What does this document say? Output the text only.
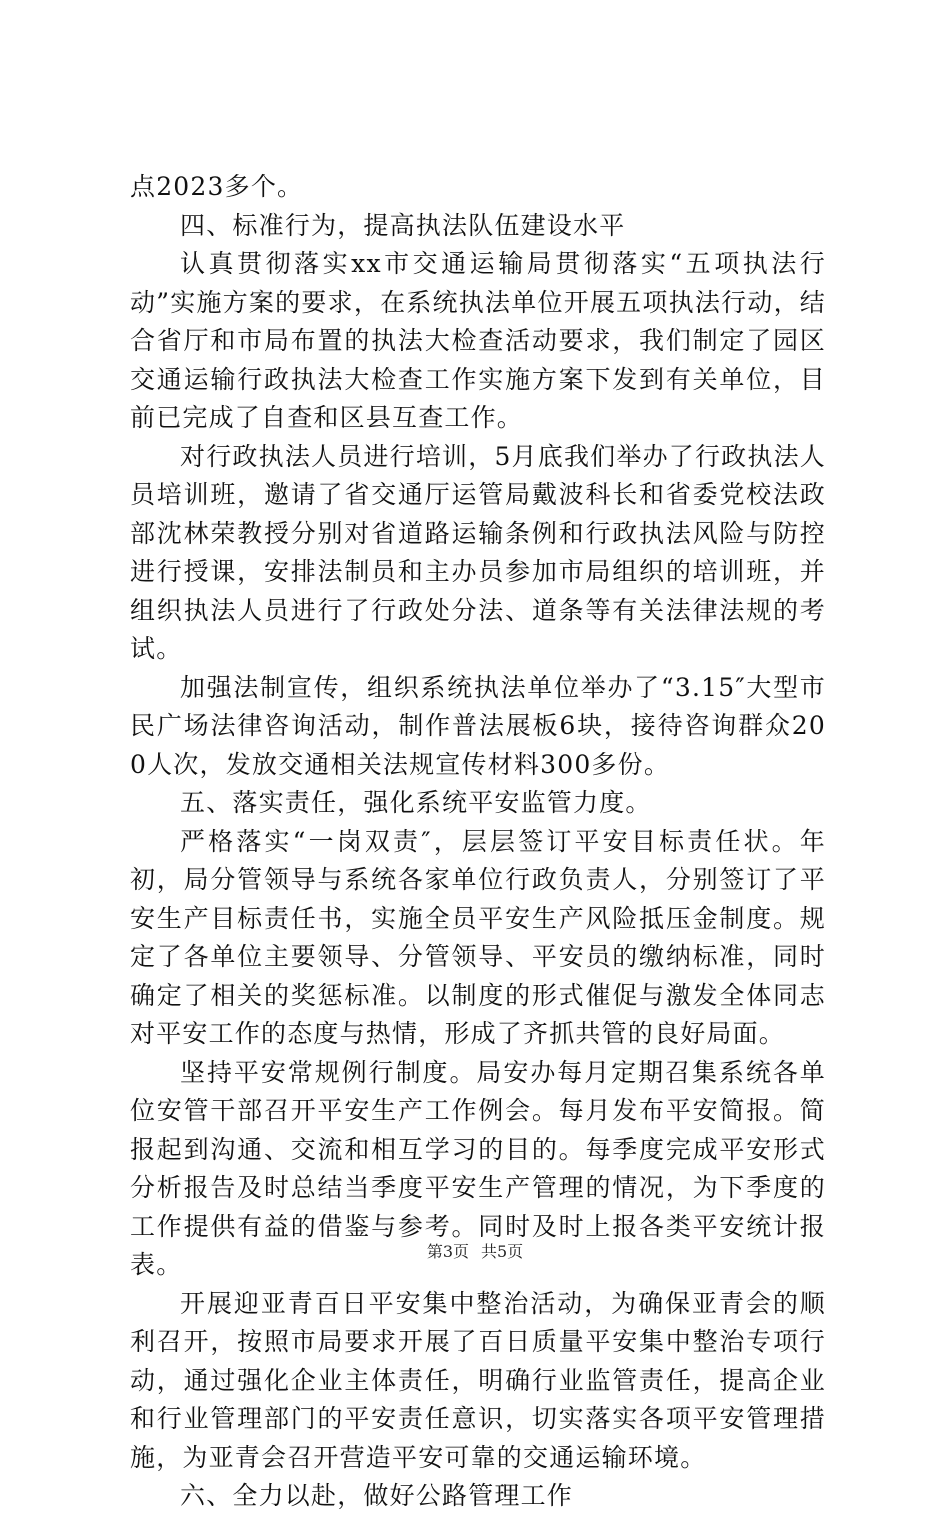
点2023多个。

四、标准行为，提高执法队伍建设水平

认真贯彻落实xx市交通运输局贯彻落实“五项执法行动”实施方案的要求，在系统执法单位开展五项执法行动，结合省厅和市局布置的执法大检查活动要求，我们制定了园区交通运输行政执法大检查工作实施方案下发到有关单位，目前已完成了自查和区县互查工作。

对行政执法人员进行培训，5月底我们举办了行政执法人员培训班，邀请了省交通厅运管局戴波科长和省委党校法政部沈林荣教授分别对省道路运输条例和行政执法风险与防控进行授课，安排法制员和主办员参加市局组织的培训班，并组织执法人员进行了行政处分法、道条等有关法律法规的考试。

加强法制宣传，组织系统执法单位举办了“3.15″大型市民广场法律咨询活动，制作普法展板6块，接待咨询群众200人次，发放交通相关法规宣传材料300多份。

五、落实责任，强化系统平安监管力度。

严格落实“一岗双责″，层层签订平安目标责任状。年初，局分管领导与系统各家单位行政负责人，分别签订了平安生产目标责任书，实施全员平安生产风险抵压金制度。规定了各单位主要领导、分管领导、平安员的缴纳标准，同时确定了相关的奖惩标准。以制度的形式催促与激发全体同志对平安工作的态度与热情，形成了齐抓共管的良好局面。

坚持平安常规例行制度。局安办每月定期召集系统各单位安管干部召开平安生产工作例会。每月发布平安简报。简报起到沟通、交流和相互学习的目的。每季度完成平安形式分析报告及时总结当季度平安生产管理的情况，为下季度的工作提供有益的借鉴与参考。同时及时上报各类平安统计报表。

开展迎亚青百日平安集中整治活动，为确保亚青会的顺利召开，按照市局要求开展了百日质量平安集中整治专项行动，通过强化企业主体责任，明确行业监管责任，提高企业和行业管理部门的平安责任意识，切实落实各项平安管理措施，为亚青会召开营造平安可靠的交通运输环境。

六、全力以赴，做好公路管理工作

第3页 共5页
